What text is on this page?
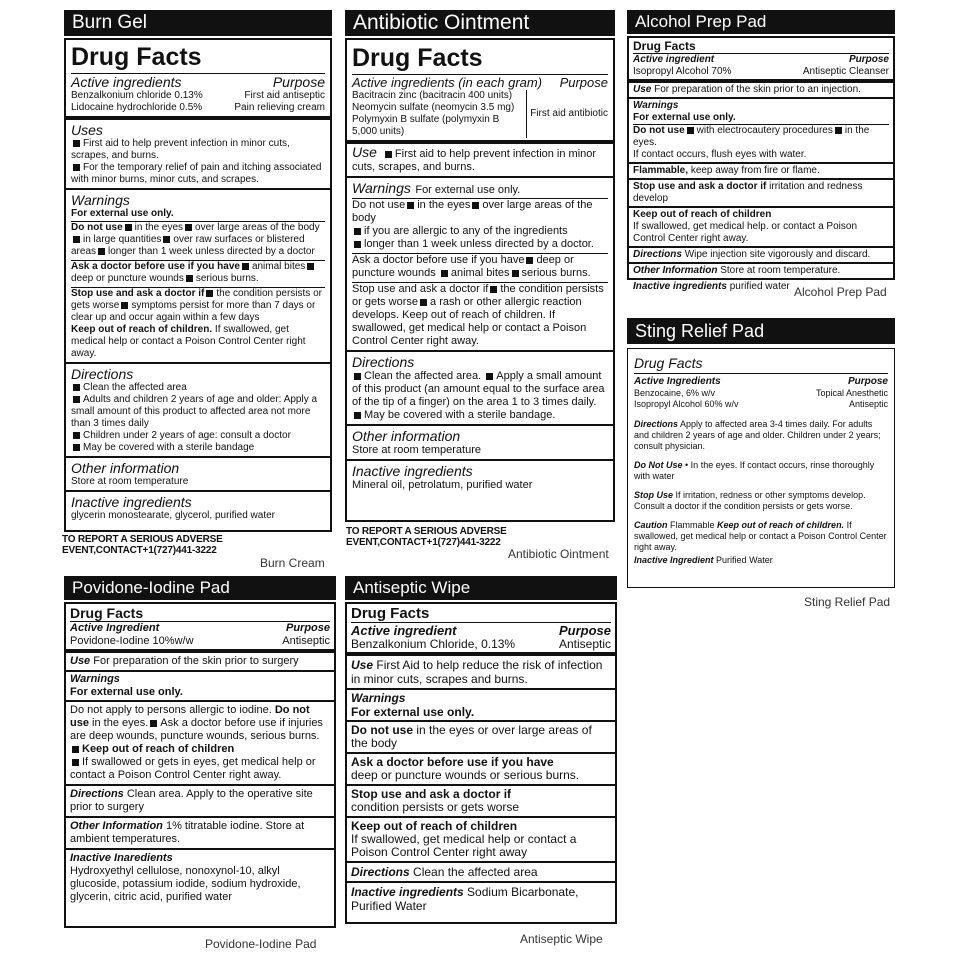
Burn Gel
Drug Facts
Active ingredients	Purpose
Benzalkonium chloride 0.13%	First aid antiseptic
Lidocaine hydrochloride 0.5%	Pain relieving cream
Uses
First aid to help prevent infection in minor cuts, scrapes, and burns.
For the temporary relief of pain and itching associated with minor burns, minor cuts, and scrapes.
Warnings
For external use only.
Do not use in the eyes over large areas of the bodyin large quantities over raw surfaces or blistered areas longer than 1 week unless directed by a doctor
Ask a doctor before use if you have animal bitesdeep or puncture wounds serious burns.
Stop use and ask a doctor if the condition persists or gets worse symptoms persist for more than 7 days or clear up and occur again within a few days
Keep out of reach of children. If swallowed, get medical help or contact a Poison Control Center right away.
Directions
Clean the affected area
Adults and children 2 years of age and older: Apply a small amount of this product to affected area not more than 3 times daily
Children under 2 years of age: consult a doctor
May be covered with a sterile bandage
Other information
Store at room temperature
Inactive ingredients
glycerin monostearate, glycerol, purified water
TO REPORT A SERIOUS ADVERSE EVENT,CONTACT+1(727)441-3222
Burn Cream
Antibiotic Ointment
Drug Facts
Active ingredients (in each gram) Purpose
Bacitracin zinc (bacitracin 400 units)
Neomycin sulfate (neomycin 3.5 mg)
Polymyxin B sulfate (polymyxin B 5,000 units)
First aid antibiotic
Use First aid to help prevent infection in minor cuts, scrapes, and burns.
Warnings For external use only.
Do not use in the eyes over large areas of the body
if you are allergic to any of the ingredients
longer than 1 week unless directed by a doctor.
Ask a doctor before use if you have deep or puncture wounds animal bites serious burns.
Stop use and ask a doctor if the condition persists or gets worse a rash or other allergic reaction develops. Keep out of reach of children. If swallowed, get medical help or contact a Poison Control Center right away.
Directions
Clean the affected area. Apply a small amount of this product (an amount equal to the surface area of the tip of a finger) on the area 1 to 3 times daily.
May be covered with a sterile bandage.
Other information
Store at room temperature
Inactive ingredients
Mineral oil, petrolatum, purified water
TO REPORT A SERIOUS ADVERSE EVENT,CONTACT+1(727)441-3222
Antibiotic Ointment
Alcohol Prep Pad
Drug Facts
Active ingredient	Purpose
Isopropyl Alcohol 70%	Antiseptic Cleanser
Use For preparation of the skin prior to an injection.
Warnings
For external use only.
Do not use with electrocautery procedures in the eyes.
If contact occurs, flush eyes with water.
Flammable, keep away from fire or flame.
Stop use and ask a doctor if irritation and redness develop
Keep out of reach of children
If swallowed, get medical help. or contact a Poison Control Center right away.
Directions Wipe injection site vigorously and discard.
Other Information Store at room temperature.
Inactive ingredients purified water Alcohol Prep Pad
Sting Relief Pad
Drug Facts
Active Ingredients	Purpose
Benzocaine, 6% w/v	Topical Anesthetic
Isopropyl Alcohol 60% w/v	Antiseptic
Directions Apply to affected area 3-4 times daily. For adults and children 2 years of age and older. Children under 2 years; consult physician.
Do Not Use • In the eyes. If contact occurs, rinse thoroughly with water
Stop Use If irritation, redness or other symptoms develop. Consult a doctor if the condition persists or gets worse.
Caution Flammable Keep out of reach of children. If swallowed, get medical help or contact a Poison Control Center right away.
Inactive Ingredient Purified Water
Sting Relief Pad
Povidone-Iodine Pad
Drug Facts
Active Ingredient	Purpose
Povidone-Iodine 10%w/w	Antiseptic
Use For preparation of the skin prior to surgery
Warnings
For external use only.
Do not apply to persons allergic to iodine. Do not use in the eyes. Ask a doctor before use if injuries are deep wounds, puncture wounds, serious burns.Keep out of reach of children
If swallowed or gets in eyes, get medical help or contact a Poison Control Center right away.
Directions Clean area. Apply to the operative site prior to surgery
Other Information 1% titratable iodine. Store at ambient temperatures.
Inactive Inaredients
Hydroxyethyl cellulose, nonoxynol-10, alkyl glucoside, potassium iodide, sodium hydroxide, glycerin, citric acid, purified water
Povidone-Iodine Pad
Antiseptic Wipe
Drug Facts
Active ingredient	Purpose
Benzalkonium Chloride, 0.13%	Antiseptic
Use First Aid to help reduce the risk of infection in minor cuts, scrapes and burns.
Warnings
For external use only.
Do not use in the eyes or over large areas of the body
Ask a doctor before use if you have
deep or puncture wounds or serious burns.
Stop use and ask a doctor if
condition persists or gets worse
Keep out of reach of children
If swallowed, get medical help or contact a Poison Control Center right away
Directions Clean the affected area
Inactive ingredients Sodium Bicarbonate, Purified Water
Antiseptic Wipe
